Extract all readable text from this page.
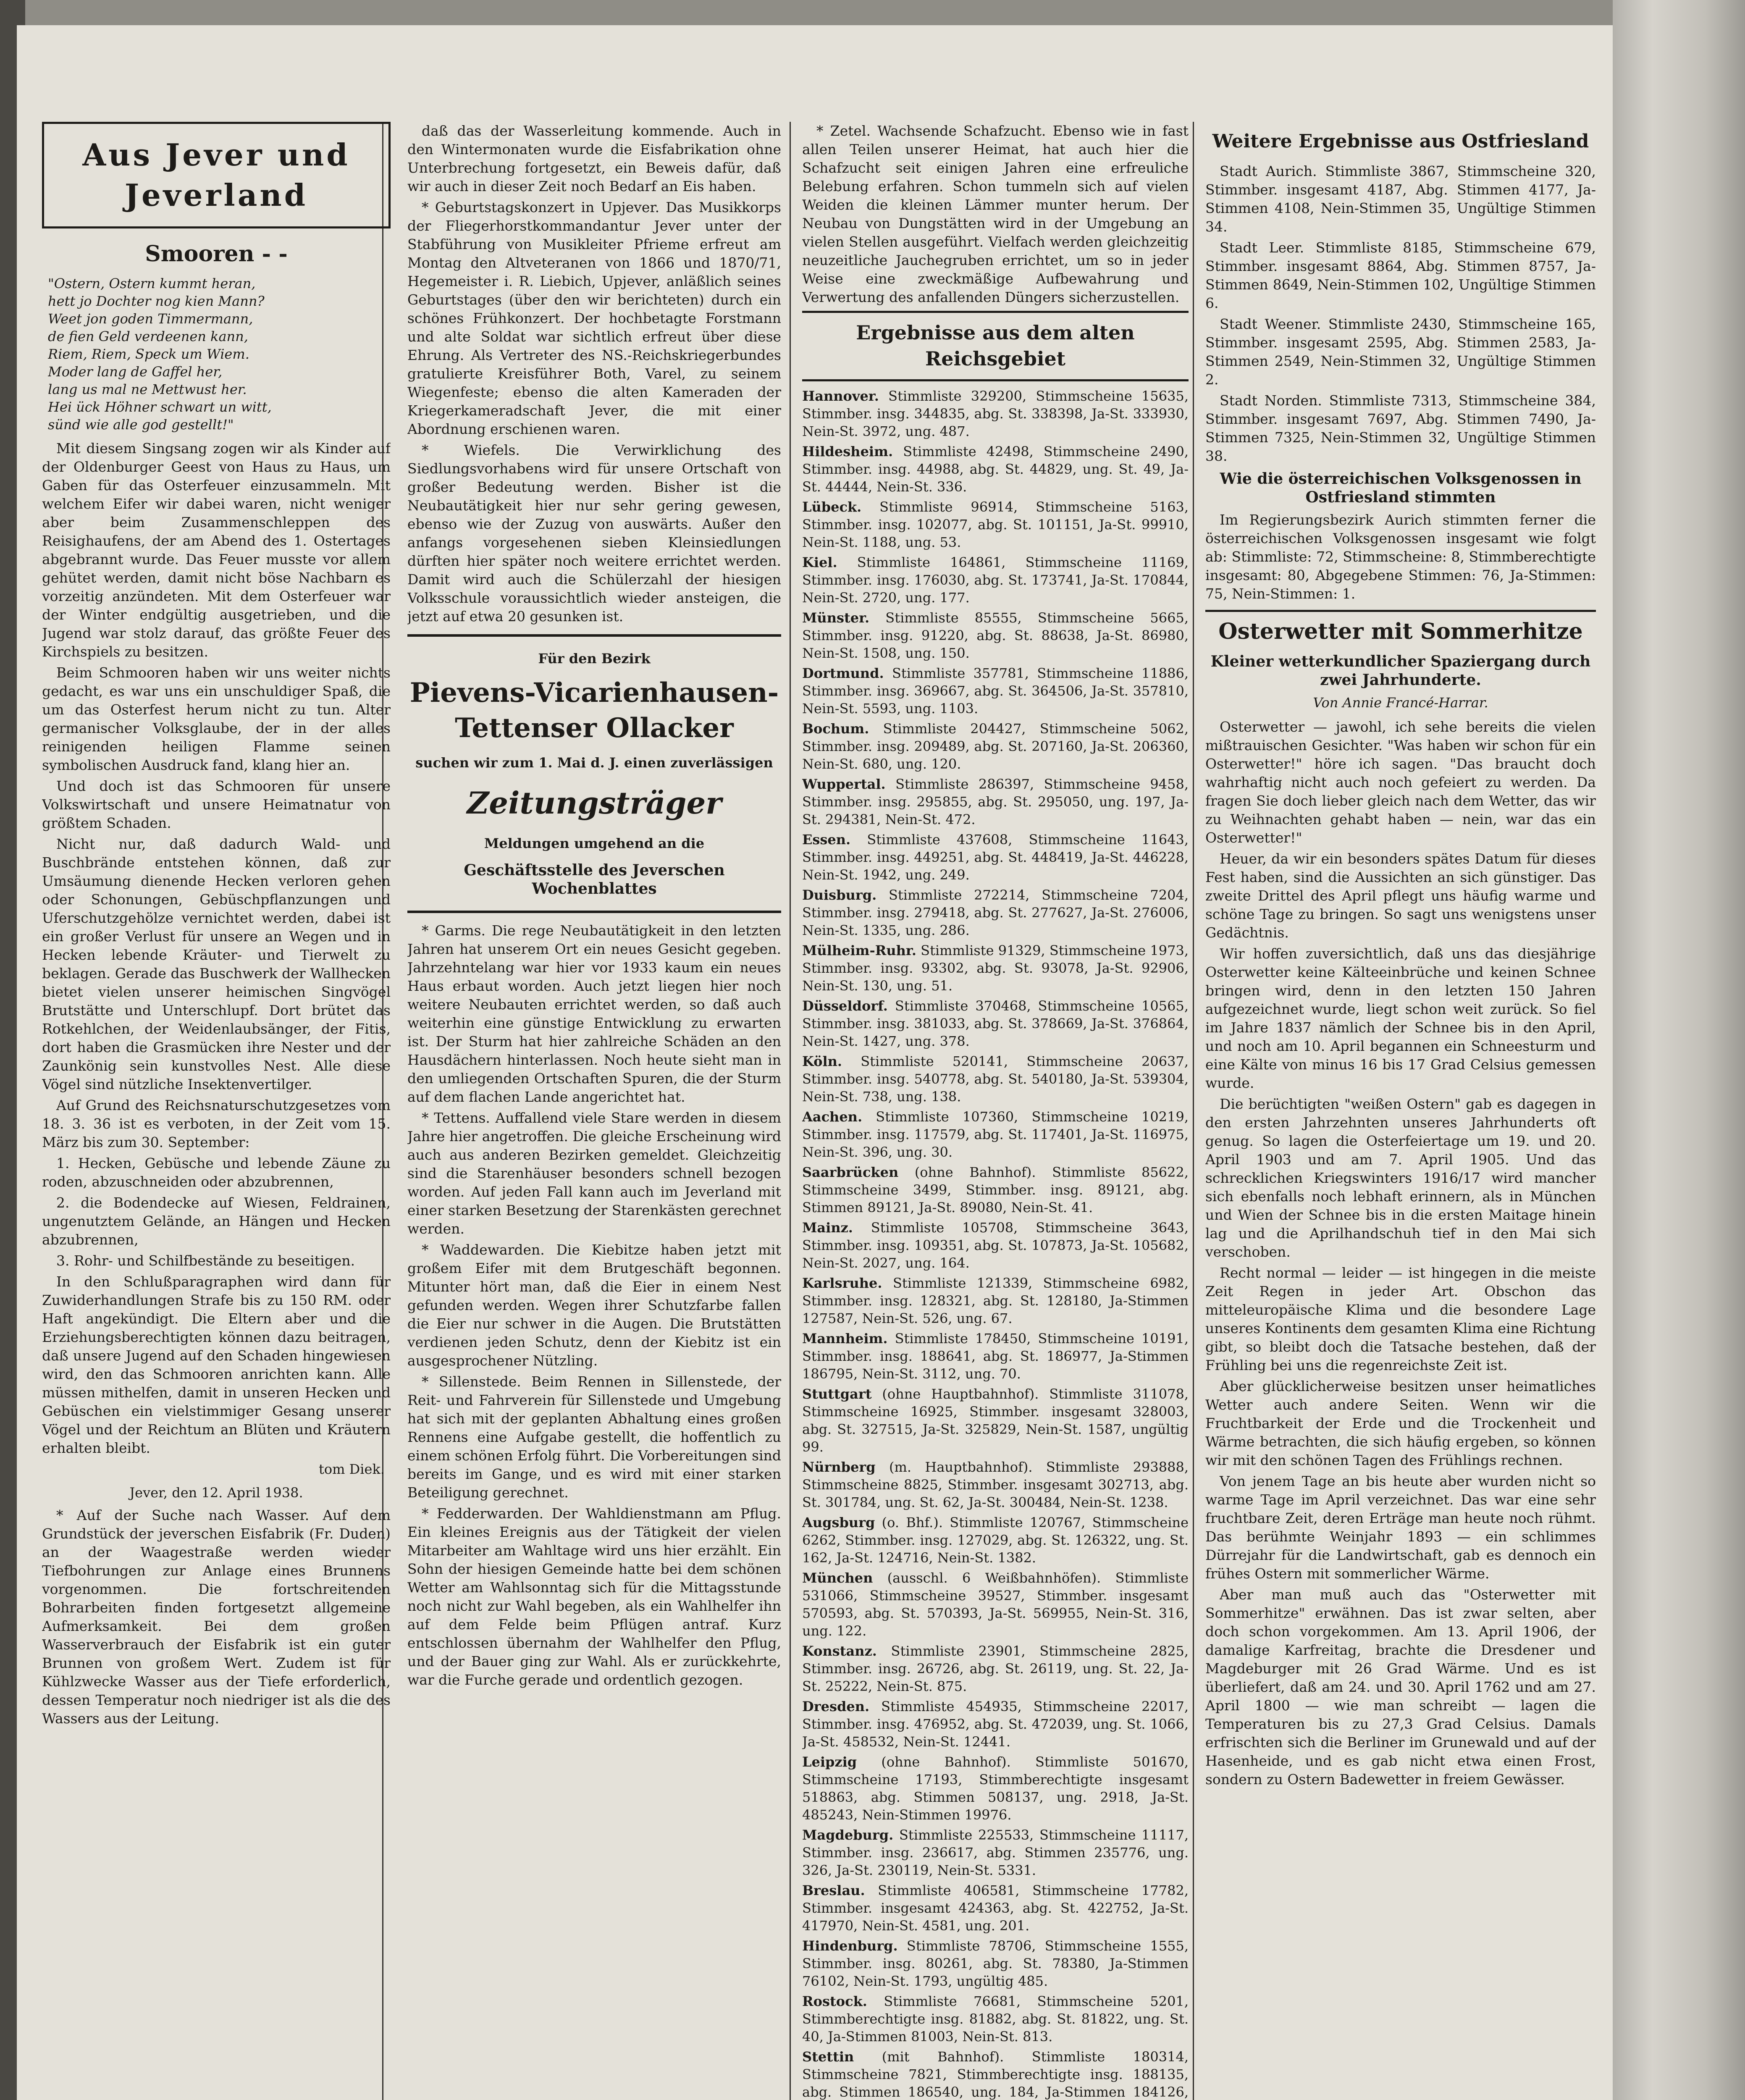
Aus Jever und Jeverland
Smooren - -
"Ostern, Ostern kummt heran,
hett jo Dochter nog kien Mann?
Weet jon goden Timmermann,
de fien Geld verdeenen kann,
Riem, Riem, Speck um Wiem.
Moder lang de Gaffel her,
lang us mal ne Mettwust her.
Hei ück Höhner schwart un witt,
sünd wie alle god gestellt!"

Mit diesem Singsang zogen wir als Kinder auf der Oldenburger Geest von Haus zu Haus, um Gaben für das Osterfeuer einzusammeln. Mit welchem Eifer wir dabei waren, nicht weniger aber beim Zusammenschleppen des Reisighaufens, der am Abend des 1. Ostertages abgebrannt wurde. Das Feuer musste vor allem gehütet werden, damit nicht böse Nachbarn es vorzeitig anzündeten. Mit dem Osterfeuer war der Winter endgültig ausgetrieben, und die Jugend war stolz darauf, das größte Feuer des Kirchspiels zu besitzen.

Beim Schmooren haben wir uns weiter nichts gedacht, es war uns ein unschuldiger Spaß, die um das Osterfest herum nicht zu tun. Alter germanischer Volksglaube, der in der alles reinigenden heiligen Flamme seinen symbolischen Ausdruck fand, klang hier an.

Und doch ist das Schmooren für unsere Volkswirtschaft und unsere Heimatnatur von größtem Schaden.

Nicht nur, daß dadurch Wald- und Buschbrände entstehen können, daß zur Umsäumung dienende Hecken verloren gehen oder Schonungen, Gebüschpflanzungen und Uferschutzgehölze vernichtet werden, dabei ist ein großer Verlust für unsere an Wegen und in Hecken lebende Kräuter- und Tierwelt zu beklagen. Gerade das Buschwerk der Wallhecken bietet vielen unserer heimischen Singvögel Brutstätte und Unterschlupf. Dort brütet das Rotkehlchen, der Weidenlaubsänger, der Fitis, dort haben die Grasmücken ihre Nester und der Zaunkönig sein kunstvolles Nest. Alle diese Vögel sind nützliche Insektenvertilger.

Auf Grund des Reichsnaturschutzgesetzes vom 18. 3. 36 ist es verboten, in der Zeit vom 15. März bis zum 30. September:

1. Hecken, Gebüsche und lebende Zäune zu roden, abzuschneiden oder abzubrennen,

2. die Bodendecke auf Wiesen, Feldrainen, ungenutztem Gelände, an Hängen und Hecken abzubrennen,

3. Rohr- und Schilfbestände zu beseitigen.

In den Schlußparagraphen wird dann für Zuwiderhandlungen Strafe bis zu 150 RM. oder Haft angekündigt. Die Eltern aber und die Erziehungsberechtigten können dazu beitragen, daß unsere Jugend auf den Schaden hingewiesen wird, den das Schmooren anrichten kann. Alle müssen mithelfen, damit in unseren Hecken und Gebüschen ein vielstimmiger Gesang unserer Vögel und der Reichtum an Blüten und Kräutern erhalten bleibt.

tom Diek.
Jever, den 12. April 1938.

* Auf der Suche nach Wasser. Auf dem Grundstück der jeverschen Eisfabrik (Fr. Duden) an der Waagestraße werden wieder Tiefbohrungen zur Anlage eines Brunnens vorgenommen. Die fortschreitenden Bohrarbeiten finden fortgesetzt allgemeine Aufmerksamkeit. Bei dem großen Wasserverbrauch der Eisfabrik ist ein guter Brunnen von großem Wert. Zudem ist für Kühlzwecke Wasser aus der Tiefe erforderlich, dessen Temperatur noch niedriger ist als die des Wassers aus der Leitung.

daß das der Wasserleitung kommende. Auch in den Wintermonaten wurde die Eisfabrikation ohne Unterbrechung fortgesetzt, ein Beweis dafür, daß wir auch in dieser Zeit noch Bedarf an Eis haben.

* Geburtstagskonzert in Upjever. Das Musikkorps der Fliegerhorstkommandantur Jever unter der Stabführung von Musikleiter Pfrieme erfreut am Montag den Altveteranen von 1866 und 1870/71, Hegemeister i. R. Liebich, Upjever, anläßlich seines Geburtstages (über den wir berichteten) durch ein schönes Frühkonzert. Der hochbetagte Forstmann und alte Soldat war sichtlich erfreut über diese Ehrung. Als Vertreter des NS.-Reichskriegerbundes gratulierte Kreisführer Both, Varel, zu seinem Wiegenfeste; ebenso die alten Kameraden der Kriegerkameradschaft Jever, die mit einer Abordnung erschienen waren.

* Wiefels. Die Verwirklichung des Siedlungsvorhabens wird für unsere Ortschaft von großer Bedeutung werden. Bisher ist die Neubautätigkeit hier nur sehr gering gewesen, ebenso wie der Zuzug von auswärts. Außer den anfangs vorgesehenen sieben Kleinsiedlungen dürften hier später noch weitere errichtet werden. Damit wird auch die Schülerzahl der hiesigen Volksschule voraussichtlich wieder ansteigen, die jetzt auf etwa 20 gesunken ist.

Für den Bezirk
Pievens-Vicarienhausen-Tettenser Ollacker
suchen wir zum 1. Mai d. J. einen zuverlässigen
Zeitungsträger
Meldungen umgehend an die
Geschäftsstelle des Jeverschen Wochenblattes

* Garms. Die rege Neubautätigkeit in den letzten Jahren hat unserem Ort ein neues Gesicht gegeben. Jahrzehntelang war hier vor 1933 kaum ein neues Haus erbaut worden. Auch jetzt liegen hier noch weitere Neubauten errichtet werden, so daß auch weiterhin eine günstige Entwicklung zu erwarten ist. Der Sturm hat hier zahlreiche Schäden an den Hausdächern hinterlassen. Noch heute sieht man in den umliegenden Ortschaften Spuren, die der Sturm auf dem flachen Lande angerichtet hat.

* Tettens. Auffallend viele Stare werden in diesem Jahre hier angetroffen. Die gleiche Erscheinung wird auch aus anderen Bezirken gemeldet. Gleichzeitig sind die Starenhäuser besonders schnell bezogen worden. Auf jeden Fall kann auch im Jeverland mit einer starken Besetzung der Starenkästen gerechnet werden.

* Waddewarden. Die Kiebitze haben jetzt mit großem Eifer mit dem Brutgeschäft begonnen. Mitunter hört man, daß die Eier in einem Nest gefunden werden. Wegen ihrer Schutzfarbe fallen die Eier nur schwer in die Augen. Die Brutstätten verdienen jeden Schutz, denn der Kiebitz ist ein ausgesprochener Nützling.

* Sillenstede. Beim Rennen in Sillenstede, der Reit- und Fahrverein für Sillenstede und Umgebung hat sich mit der geplanten Abhaltung eines großen Rennens eine Aufgabe gestellt, die hoffentlich zu einem schönen Erfolg führt. Die Vorbereitungen sind bereits im Gange, und es wird mit einer starken Beteiligung gerechnet.

* Fedderwarden. Der Wahldienstmann am Pflug. Ein kleines Ereignis aus der Tätigkeit der vielen Mitarbeiter am Wahltage wird uns hier erzählt. Ein Sohn der hiesigen Gemeinde hatte bei dem schönen Wetter am Wahlsonntag sich für die Mittagsstunde noch nicht zur Wahl begeben, als ein Wahlhelfer ihn auf dem Felde beim Pflügen antraf. Kurz entschlossen übernahm der Wahlhelfer den Pflug, und der Bauer ging zur Wahl. Als er zurückkehrte, war die Furche gerade und ordentlich gezogen.

* Zetel. Wachsende Schafzucht. Ebenso wie in fast allen Teilen unserer Heimat, hat auch hier die Schafzucht seit einigen Jahren eine erfreuliche Belebung erfahren. Schon tummeln sich auf vielen Weiden die kleinen Lämmer munter herum. Der Neubau von Dungstätten wird in der Umgebung an vielen Stellen ausgeführt. Vielfach werden gleichzeitig neuzeitliche Jauchegruben errichtet, um so in jeder Weise eine zweckmäßige Aufbewahrung und Verwertung des anfallenden Düngers sicherzustellen.

Ergebnisse aus dem alten Reichsgebiet
Hannover. Stimmliste 329200, Stimmscheine 15635, Stimmber. insg. 344835, abg. St. 338398, Ja-St. 333930, Nein-St. 3972, ung. 487.
Hildesheim. Stimmliste 42498, Stimmscheine 2490, Stimmber. insg. 44988, abg. St. 44829, ung. St. 49, Ja-St. 44444, Nein-St. 336.
Lübeck. Stimmliste 96914, Stimmscheine 5163, Stimmber. insg. 102077, abg. St. 101151, Ja-St. 99910, Nein-St. 1188, ung. 53.
Kiel. Stimmliste 164861, Stimmscheine 11169, Stimmber. insg. 176030, abg. St. 173741, Ja-St. 170844, Nein-St. 2720, ung. 177.
Münster. Stimmliste 85555, Stimmscheine 5665, Stimmber. insg. 91220, abg. St. 88638, Ja-St. 86980, Nein-St. 1508, ung. 150.
Dortmund. Stimmliste 357781, Stimmscheine 11886, Stimmber. insg. 369667, abg. St. 364506, Ja-St. 357810, Nein-St. 5593, ung. 1103.
Bochum. Stimmliste 204427, Stimmscheine 5062, Stimmber. insg. 209489, abg. St. 207160, Ja-St. 206360, Nein-St. 680, ung. 120.
Wuppertal. Stimmliste 286397, Stimmscheine 9458, Stimmber. insg. 295855, abg. St. 295050, ung. 197, Ja-St. 294381, Nein-St. 472.
Essen. Stimmliste 437608, Stimmscheine 11643, Stimmber. insg. 449251, abg. St. 448419, Ja-St. 446228, Nein-St. 1942, ung. 249.
Duisburg. Stimmliste 272214, Stimmscheine 7204, Stimmber. insg. 279418, abg. St. 277627, Ja-St. 276006, Nein-St. 1335, ung. 286.
Mülheim-Ruhr. Stimmliste 91329, Stimmscheine 1973, Stimmber. insg. 93302, abg. St. 93078, Ja-St. 92906, Nein-St. 130, ung. 51.
Düsseldorf. Stimmliste 370468, Stimmscheine 10565, Stimmber. insg. 381033, abg. St. 378669, Ja-St. 376864, Nein-St. 1427, ung. 378.
Köln. Stimmliste 520141, Stimmscheine 20637, Stimmber. insg. 540778, abg. St. 540180, Ja-St. 539304, Nein-St. 738, ung. 138.
Aachen. Stimmliste 107360, Stimmscheine 10219, Stimmber. insg. 117579, abg. St. 117401, Ja-St. 116975, Nein-St. 396, ung. 30.
Saarbrücken (ohne Bahnhof). Stimmliste 85622, Stimmscheine 3499, Stimmber. insg. 89121, abg. Stimmen 89121, Ja-St. 89080, Nein-St. 41.
Mainz. Stimmliste 105708, Stimmscheine 3643, Stimmber. insg. 109351, abg. St. 107873, Ja-St. 105682, Nein-St. 2027, ung. 164.
Karlsruhe. Stimmliste 121339, Stimmscheine 6982, Stimmber. insg. 128321, abg. St. 128180, Ja-Stimmen 127587, Nein-St. 526, ung. 67.
Mannheim. Stimmliste 178450, Stimmscheine 10191, Stimmber. insg. 188641, abg. St. 186977, Ja-Stimmen 186795, Nein-St. 3112, ung. 70.
Stuttgart (ohne Hauptbahnhof). Stimmliste 311078, Stimmscheine 16925, Stimmber. insgesamt 328003, abg. St. 327515, Ja-St. 325829, Nein-St. 1587, ungültig 99.
Nürnberg (m. Hauptbahnhof). Stimmliste 293888, Stimmscheine 8825, Stimmber. insgesamt 302713, abg. St. 301784, ung. St. 62, Ja-St. 300484, Nein-St. 1238.
Augsburg (o. Bhf.). Stimmliste 120767, Stimmscheine 6262, Stimmber. insg. 127029, abg. St. 126322, ung. St. 162, Ja-St. 124716, Nein-St. 1382.
München (ausschl. 6 Weißbahnhöfen). Stimmliste 531066, Stimmscheine 39527, Stimmber. insgesamt 570593, abg. St. 570393, Ja-St. 569955, Nein-St. 316, ung. 122.
Konstanz. Stimmliste 23901, Stimmscheine 2825, Stimmber. insg. 26726, abg. St. 26119, ung. St. 22, Ja-St. 25222, Nein-St. 875.
Dresden. Stimmliste 454935, Stimmscheine 22017, Stimmber. insg. 476952, abg. St. 472039, ung. St. 1066, Ja-St. 458532, Nein-St. 12441.
Leipzig (ohne Bahnhof). Stimmliste 501670, Stimmscheine 17193, Stimmberechtigte insgesamt 518863, abg. Stimmen 508137, ung. 2918, Ja-St. 485243, Nein-Stimmen 19976.
Magdeburg. Stimmliste 225533, Stimmscheine 11117, Stimmber. insg. 236617, abg. Stimmen 235776, ung. 326, Ja-St. 230119, Nein-St. 5331.
Breslau. Stimmliste 406581, Stimmscheine 17782, Stimmber. insgesamt 424363, abg. St. 422752, Ja-St. 417970, Nein-St. 4581, ung. 201.
Hindenburg. Stimmliste 78706, Stimmscheine 1555, Stimmber. insg. 80261, abg. St. 78380, Ja-Stimmen 76102, Nein-St. 1793, ungültig 485.
Rostock. Stimmliste 76681, Stimmscheine 5201, Stimmberechtigte insg. 81882, abg. St. 81822, ung. St. 40, Ja-Stimmen 81003, Nein-St. 813.
Stettin (mit Bahnhof). Stimmliste 180314, Stimmscheine 7821, Stimmberechtigte insg. 188135, abg. Stimmen 186540, ung. 184, Ja-Stimmen 184126,
Weitere Ergebnisse aus Ostfriesland

Stadt Aurich. Stimmliste 3867, Stimmscheine 320, Stimmber. insgesamt 4187, Abg. Stimmen 4177, Ja-Stimmen 4108, Nein-Stimmen 35, Ungültige Stimmen 34.

Stadt Leer. Stimmliste 8185, Stimmscheine 679, Stimmber. insgesamt 8864, Abg. Stimmen 8757, Ja-Stimmen 8649, Nein-Stimmen 102, Ungültige Stimmen 6.

Stadt Weener. Stimmliste 2430, Stimmscheine 165, Stimmber. insgesamt 2595, Abg. Stimmen 2583, Ja-Stimmen 2549, Nein-Stimmen 32, Ungültige Stimmen 2.

Stadt Norden. Stimmliste 7313, Stimmscheine 384, Stimmber. insgesamt 7697, Abg. Stimmen 7490, Ja-Stimmen 7325, Nein-Stimmen 32, Ungültige Stimmen 38.

Wie die österreichischen Volksgenossen in Ostfriesland stimmten

Im Regierungsbezirk Aurich stimmten ferner die österreichischen Volksgenossen insgesamt wie folgt ab: Stimmliste: 72, Stimmscheine: 8, Stimmberechtigte insgesamt: 80, Abgegebene Stimmen: 76, Ja-Stimmen: 75, Nein-Stimmen: 1.

Osterwetter mit Sommerhitze
Kleiner wetterkundlicher Spaziergang durch zwei Jahrhunderte.
Von Annie Francé-Harrar.

Osterwetter — jawohl, ich sehe bereits die vielen mißtrauischen Gesichter. "Was haben wir schon für ein Osterwetter!" höre ich sagen. "Das braucht doch wahrhaftig nicht auch noch gefeiert zu werden. Da fragen Sie doch lieber gleich nach dem Wetter, das wir zu Weihnachten gehabt haben — nein, war das ein Osterwetter!"

Heuer, da wir ein besonders spätes Datum für dieses Fest haben, sind die Aussichten an sich günstiger. Das zweite Drittel des April pflegt uns häufig warme und schöne Tage zu bringen. So sagt uns wenigstens unser Gedächtnis.

Wir hoffen zuversichtlich, daß uns das diesjährige Osterwetter keine Kälteeinbrüche und keinen Schnee bringen wird, denn in den letzten 150 Jahren aufgezeichnet wurde, liegt schon weit zurück. So fiel im Jahre 1837 nämlich der Schnee bis in den April, und noch am 10. April begannen ein Schneesturm und eine Kälte von minus 16 bis 17 Grad Celsius gemessen wurde.

Die berüchtigten "weißen Ostern" gab es dagegen in den ersten Jahrzehnten unseres Jahrhunderts oft genug. So lagen die Osterfeiertage um 19. und 20. April 1903 und am 7. April 1905. Und das schrecklichen Kriegswinters 1916/17 wird mancher sich ebenfalls noch lebhaft erinnern, als in München und Wien der Schnee bis in die ersten Maitage hinein lag und die Aprilhandschuh tief in den Mai sich verschoben.

Recht normal — leider — ist hingegen in die meiste Zeit Regen in jeder Art. Obschon das mitteleuropäische Klima und die besondere Lage unseres Kontinents dem gesamten Klima eine Richtung gibt, so bleibt doch die Tatsache bestehen, daß der Frühling bei uns die regenreichste Zeit ist.

Aber glücklicherweise besitzen unser heimatliches Wetter auch andere Seiten. Wenn wir die Fruchtbarkeit der Erde und die Trockenheit und Wärme betrachten, die sich häufig ergeben, so können wir mit den schönen Tagen des Frühlings rechnen.

Von jenem Tage an bis heute aber wurden nicht so warme Tage im April verzeichnet. Das war eine sehr fruchtbare Zeit, deren Erträge man heute noch rühmt. Das berühmte Weinjahr 1893 — ein schlimmes Dürrejahr für die Landwirtschaft, gab es dennoch ein frühes Ostern mit sommerlicher Wärme.

Aber man muß auch das "Osterwetter mit Sommerhitze" erwähnen. Das ist zwar selten, aber doch schon vorgekommen. Am 13. April 1906, der damalige Karfreitag, brachte die Dresdener und Magdeburger mit 26 Grad Wärme. Und es ist überliefert, daß am 24. und 30. April 1762 und am 27. April 1800 — wie man schreibt — lagen die Temperaturen bis zu 27,3 Grad Celsius. Damals erfrischten sich die Berliner im Grunewald und auf der Hasenheide, und es gab nicht etwa einen Frost, sondern zu Ostern Badewetter in freiem Gewässer.
